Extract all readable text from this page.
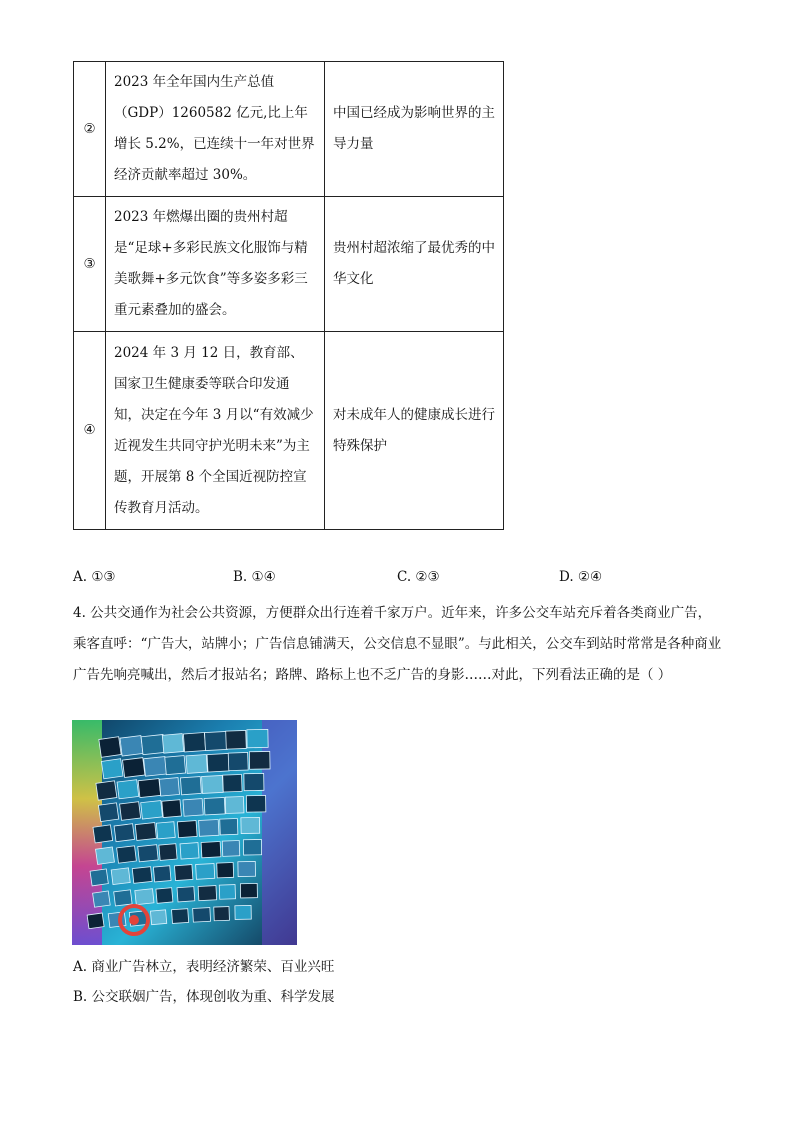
②	2023 年全年国内生产总值（GDP）1260582 亿元,比上年增长 5.2%，已连续十一年对世界经济贡献率超过 30%。	中国已经成为影响世界的主导力量
③	2023 年燃爆出圈的贵州村超是“足球+多彩民族文化服饰与精美歌舞+多元饮食”等多姿多彩三重元素叠加的盛会。	贵州村超浓缩了最优秀的中华文化
④	2024 年 3 月 12 日，教育部、国家卫生健康委等联合印发通知，决定在今年 3 月以“有效减少近视发生共同守护光明未来”为主题，开展第 8 个全国近视防控宣传教育月活动。	对未成年人的健康成长进行特殊保护
A. ①③	B. ①④	C. ②③	D. ②④
4. 公共交通作为社会公共资源，方便群众出行连着千家万户。近年来，许多公交车站充斥着各类商业广告，乘客直呼：“广告大，站牌小；广告信息铺满天，公交信息不显眼”。与此相关，公交车到站时常常是各种商业广告先响亮喊出，然后才报站名；路牌、路标上也不乏广告的身影……对此，下列看法正确的是（ ）
A. 商业广告林立，表明经济繁荣、百业兴旺
B. 公交联姻广告，体现创收为重、科学发展
